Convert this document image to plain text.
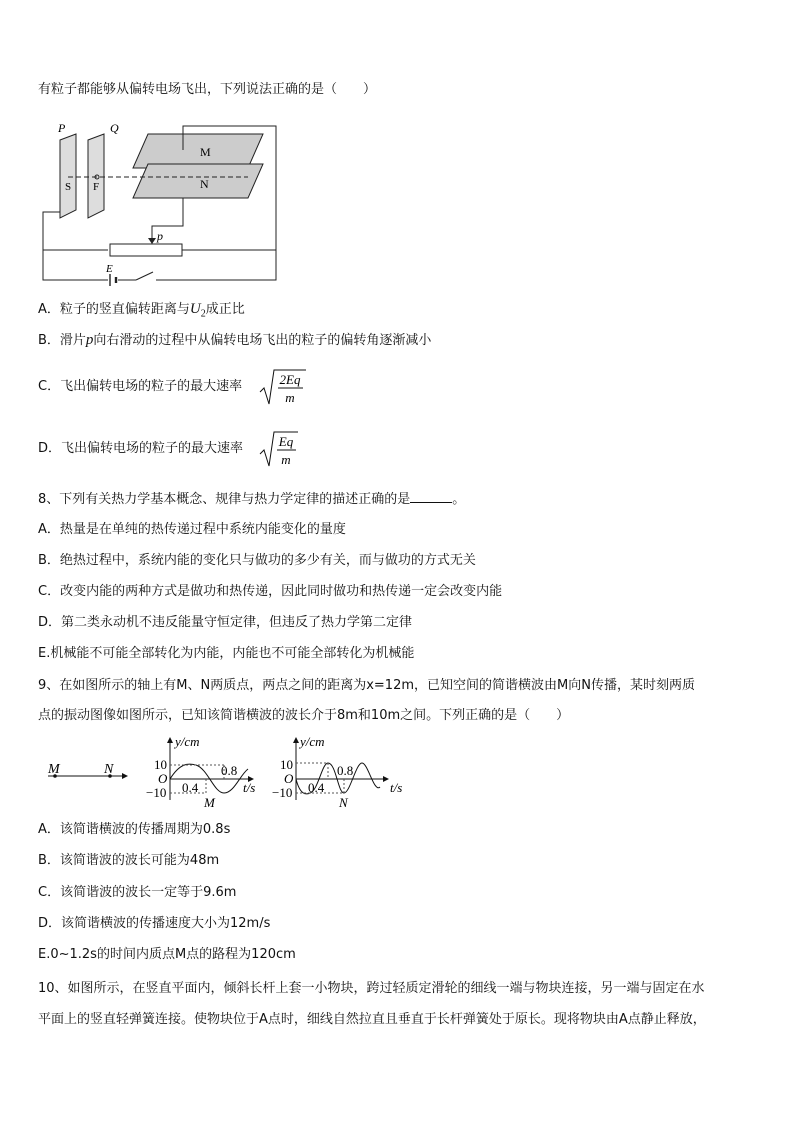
有粒子都能够从偏转电场飞出，下列说法正确的是（　　）
P	Q
S F
M
N
p
E
A．粒子的竖直偏转距离与$U_2$成正比
B．滑片p向右滑动的过程中从偏转电场飞出的粒子的偏转角逐渐减小
C．飞出偏转电场的粒子的最大速率	2Eq
m
D．飞出偏转电场的粒子的最大速率	Eq
m
8、下列有关热力学基本概念、规律与热力学定律的描述正确的是	。
A．热量是在单纯的热传递过程中系统内能变化的量度
B．绝热过程中，系统内能的变化只与做功的多少有关，而与做功的方式无关
C．改变内能的两种方式是做功和热传递，因此同时做功和热传递一定会改变内能
D．第二类永动机不违反能量守恒定律，但违反了热力学第二定律
E.机械能不可能全部转化为内能，内能也不可能全部转化为机械能
9、在如图所示的轴上有M、N两质点，两点之间的距离为x=12m，已知空间的简谐横波由M向N传播，某时刻两质
点的振动图像如图所示，已知该简谐横波的波长介于8m和10m之间。下列正确的是（　　）
M	N
y/cm
10
O
−10 0.4
0.8
M
t/s
y/cm
10
O
−10 0.4
0.8
N
t/s
A．该简谐横波的传播周期为0.8s
B．该简谐波的波长可能为48m
C．该简谐波的波长一定等于9.6m
D．该简谐横波的传播速度大小为12m/s
E.0~1.2s的时间内质点M点的路程为120cm
10、如图所示，在竖直平面内，倾斜长杆上套一小物块，跨过轻质定滑轮的细线一端与物块连接，另一端与固定在水
平面上的竖直轻弹簧连接。使物块位于A点时，细线自然拉直且垂直于长杆弹簧处于原长。现将物块由A点静止释放，
